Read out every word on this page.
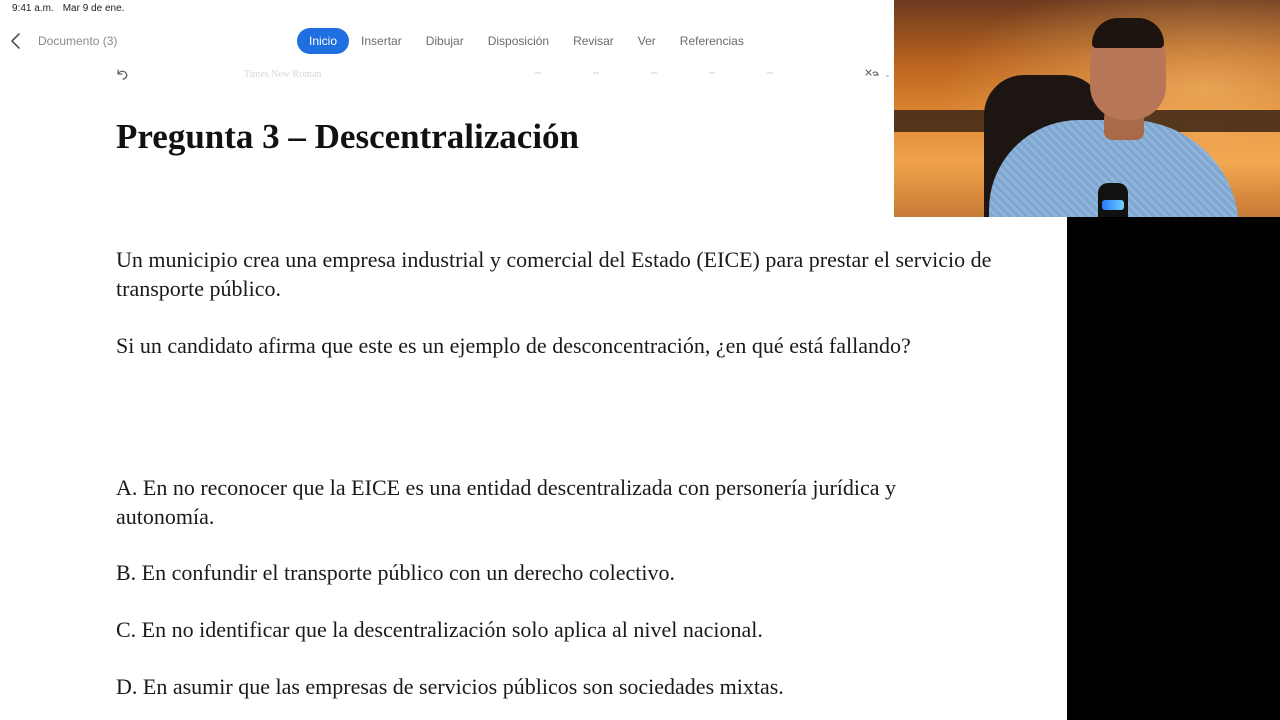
9:41 a.m. Mar 9 de ene.
Documento (3)	Inicio	Insertar	Dibujar	Disposición	Revisar	Ver	Referencias
Times New Roman	⌄
Pregunta 3 – Descentralización

Un municipio crea una empresa industrial y comercial del Estado (EICE) para prestar el servicio de transporte público.

Si un candidato afirma que este es un ejemplo de desconcentración, ¿en qué está fallando?

A. En no reconocer que la EICE es una entidad descentralizada con personería jurídica y autonomía.

B. En confundir el transporte público con un derecho colectivo.

C. En no identificar que la descentralización solo aplica al nivel nacional.

D. En asumir que las empresas de servicios públicos son sociedades mixtas.
